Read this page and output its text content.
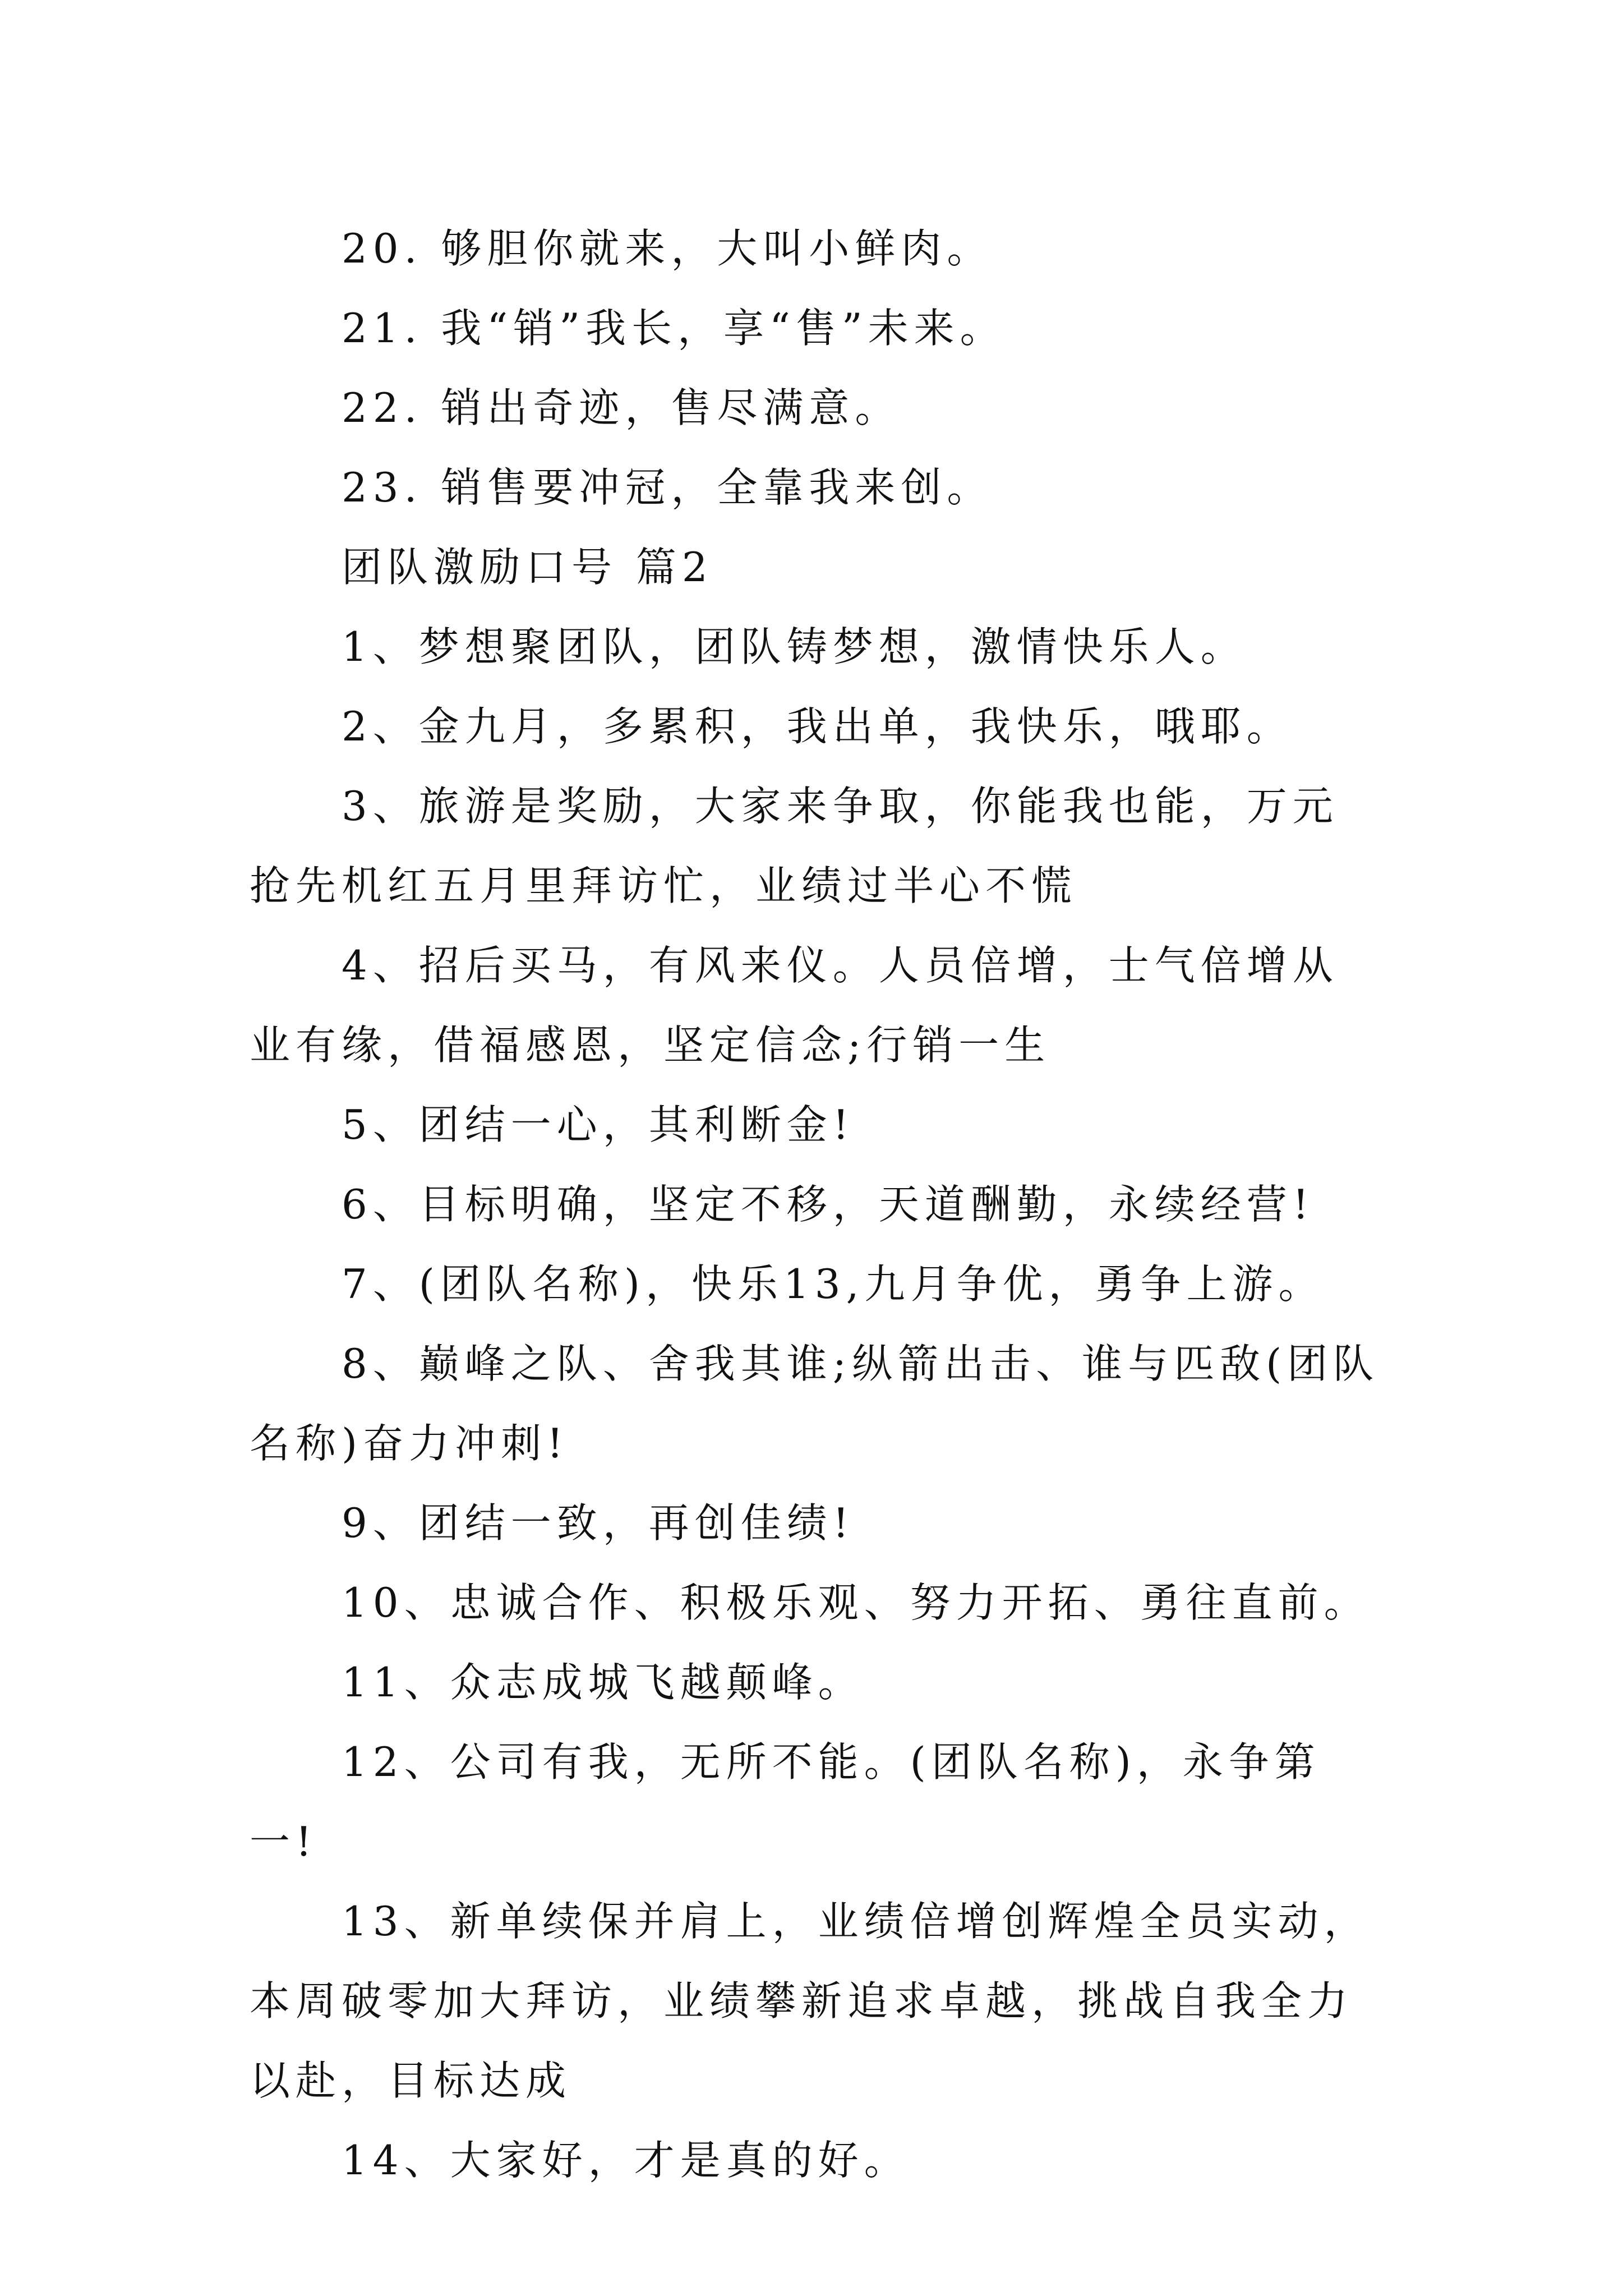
20. 够胆你就来，大叫小鲜肉。

21. 我“销”我长，享“售”未来。

22. 销出奇迹，售尽满意。

23. 销售要冲冠，全靠我来创。

团队激励口号 篇2

1、梦想聚团队，团队铸梦想，激情快乐人。

2、金九月，多累积，我出单，我快乐，哦耶。

3、旅游是奖励，大家来争取，你能我也能，万元抢先机红五月里拜访忙，业绩过半心不慌

4、招后买马，有风来仪。人员倍增，士气倍增从业有缘，借福感恩，坚定信念;行销一生

5、团结一心，其利断金!

6、目标明确，坚定不移，天道酬勤，永续经营!

7、(团队名称)，快乐13,九月争优，勇争上游。

8、巅峰之队、舍我其谁;纵箭出击、谁与匹敌(团队名称)奋力冲刺!

9、团结一致，再创佳绩!

10、忠诚合作、积极乐观、努力开拓、勇往直前。

11、众志成城飞越颠峰。

12、公司有我，无所不能。(团队名称)，永争第一!

13、新单续保并肩上，业绩倍增创辉煌全员实动，本周破零加大拜访，业绩攀新追求卓越，挑战自我全力以赴，目标达成

14、大家好，才是真的好。
